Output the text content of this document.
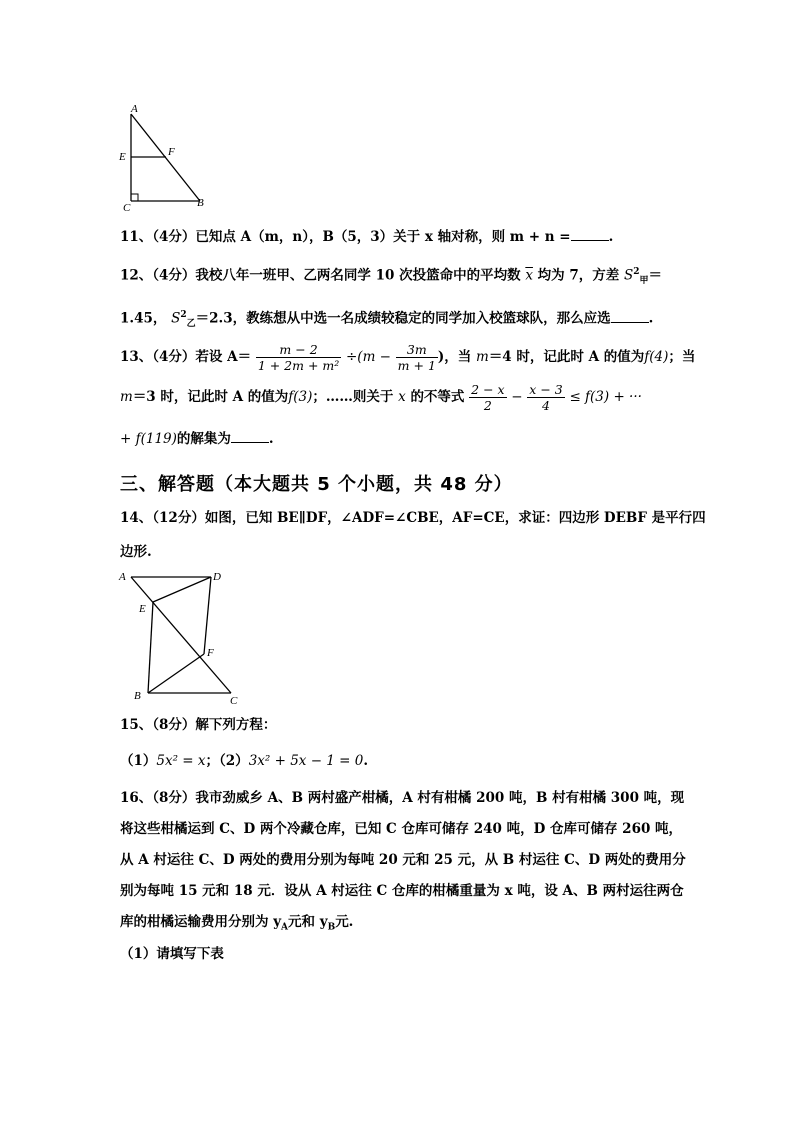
A
E	F
C	B
11、（4分）已知点 A（m，n），B（5，3）关于 x 轴对称，则 m + n =	.
12、（4分）我校八年一班甲、乙两名同学 10 次投篮命中的平均数 $\overline{x}$ 均为 7，方差 $S^2_甲=$
1.45， $S^2_乙=2.3$，教练想从中选一名成绩较稳定的同学加入校篮球队，那么应选	.
13、（4分）若设 $A= \frac{m - 2}{\text{1 + 2m + m²}} \div(m - \frac{3m}{m + 1}$ )，当 m＝4 时，记此时 A 的值为f(4)；当
m＝3 时，记此时 A 的值为f(3)；……则关于 x 的不等式 $\frac{2 - x}{2} - \frac{x - 3}{4} \le f(3)$ + ···
+ f(119)的解集为	.
三、解答题（本大题共 5 个小题，共 48 分）
14、（12分）如图，已知 BE∥DF，∠ADF=∠CBE，AF=CE，求证：四边形 DEBF 是平行四
边形.
A	D
E
F
B	C
15、（8分）解下列方程：
（1）5x² = x；（2）3x² + 5x − 1 = 0.
16、（8分）我市劲威乡 A、B 两村盛产柑橘，A 村有柑橘 200 吨，B 村有柑橘 300 吨，现
将这些柑橘运到 C、D 两个冷藏仓库，已知 C 仓库可储存 240 吨，D 仓库可储存 260 吨，
从 A 村运往 C、D 两处的费用分别为每吨 20 元和 25 元，从 B 村运往 C、D 两处的费用分
别为每吨 15 元和 18 元．设从 A 村运往 C 仓库的柑橘重量为 x 吨，设 A、B 两村运往两仓
库的柑橘运输费用分别为 $y_A$元和 $y_B$元.
（1）请填写下表
